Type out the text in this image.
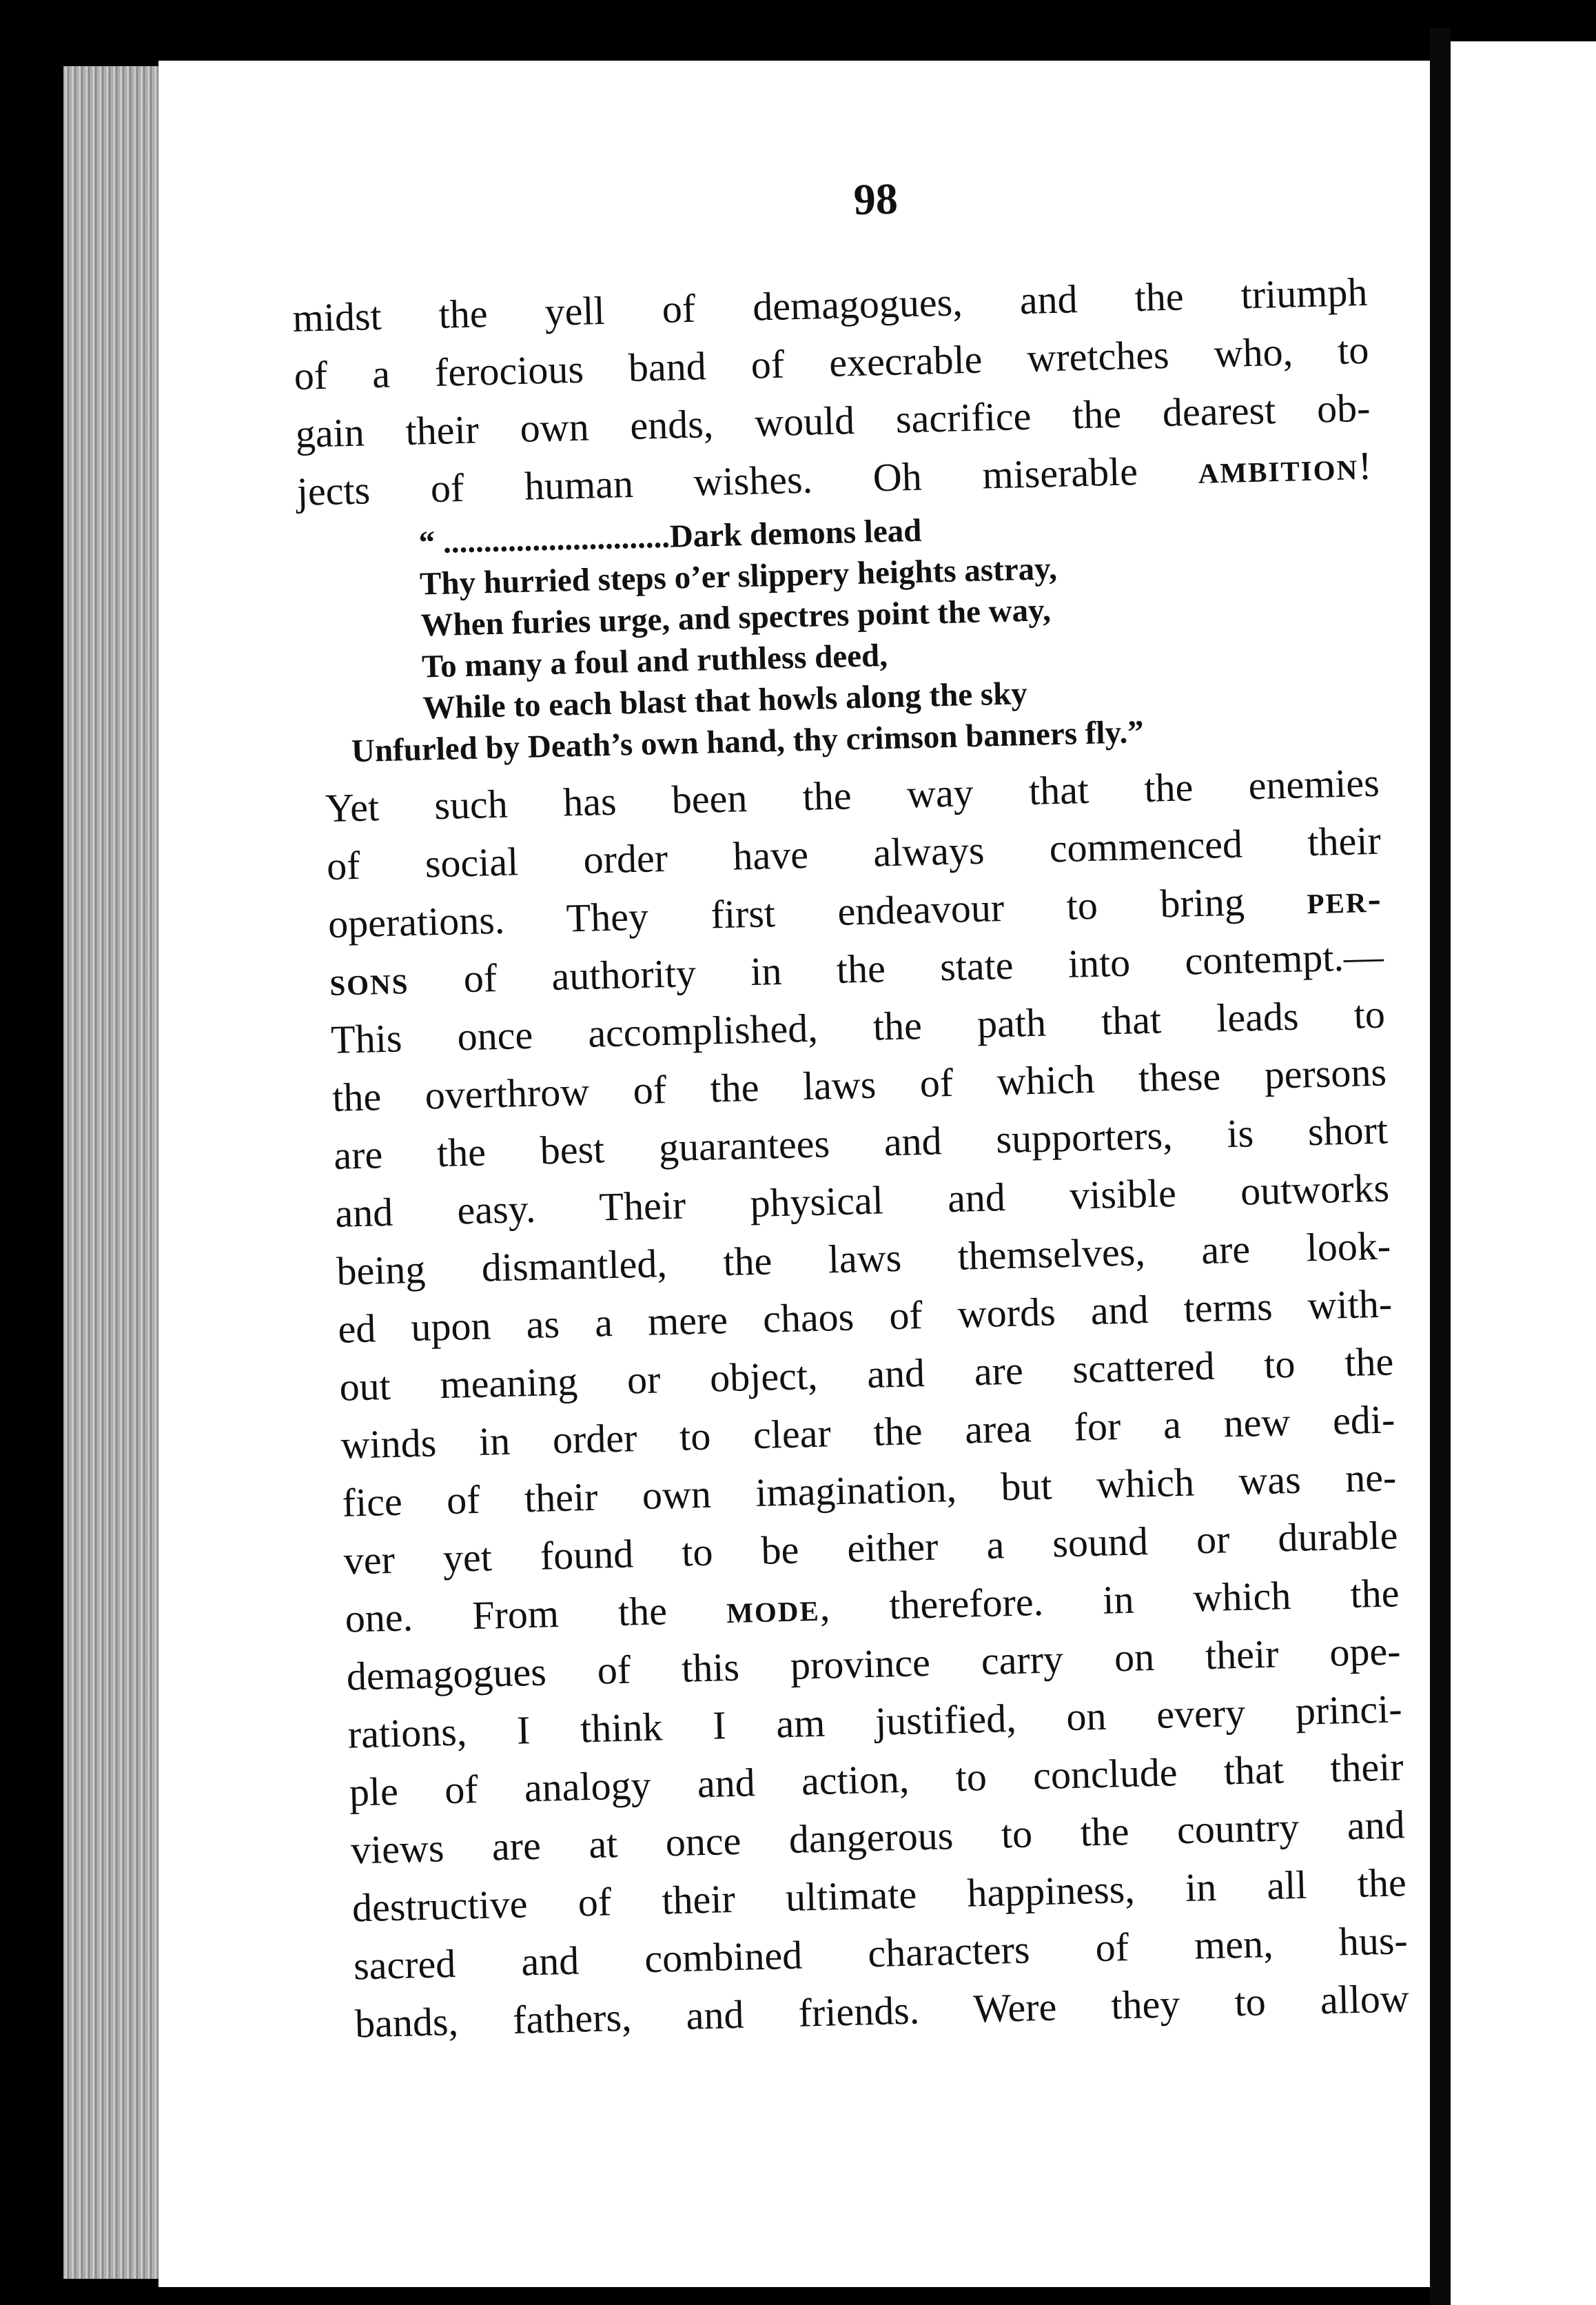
98
midst the yell of demagogues, and the triumph
of a ferocious band of execrable wretches who, to
gain their own ends, would sacrifice the dearest ob-
jects of human wishes. Oh miserable ambition!
“ ............................Dark demons lead
Thy hurried steps o’er slippery heights astray,
When furies urge, and spectres point the way,
To many a foul and ruthless deed,
While to each blast that howls along the sky
Unfurled by Death’s own hand, thy crimson banners fly.”
Yet such has been the way that the enemies
of social order have always commenced their
operations. They first endeavour to bring per-
sons of authority in the state into contempt.—
This once accomplished, the path that leads to
the overthrow of the laws of which these persons
are the best guarantees and supporters, is short
and easy. Their physical and visible outworks
being dismantled, the laws themselves, are look-
ed upon as a mere chaos of words and terms with-
out meaning or object, and are scattered to the
winds in order to clear the area for a new edi-
fice of their own imagination, but which was ne-
ver yet found to be either a sound or durable
one. From the mode, therefore. in which the
demagogues of this province carry on their ope-
rations, I think I am justified, on every princi-
ple of analogy and action, to conclude that their
views are at once dangerous to the country and
destructive of their ultimate happiness, in all the
sacred and combined characters of men, hus-
bands, fathers, and friends. Were they to allow
